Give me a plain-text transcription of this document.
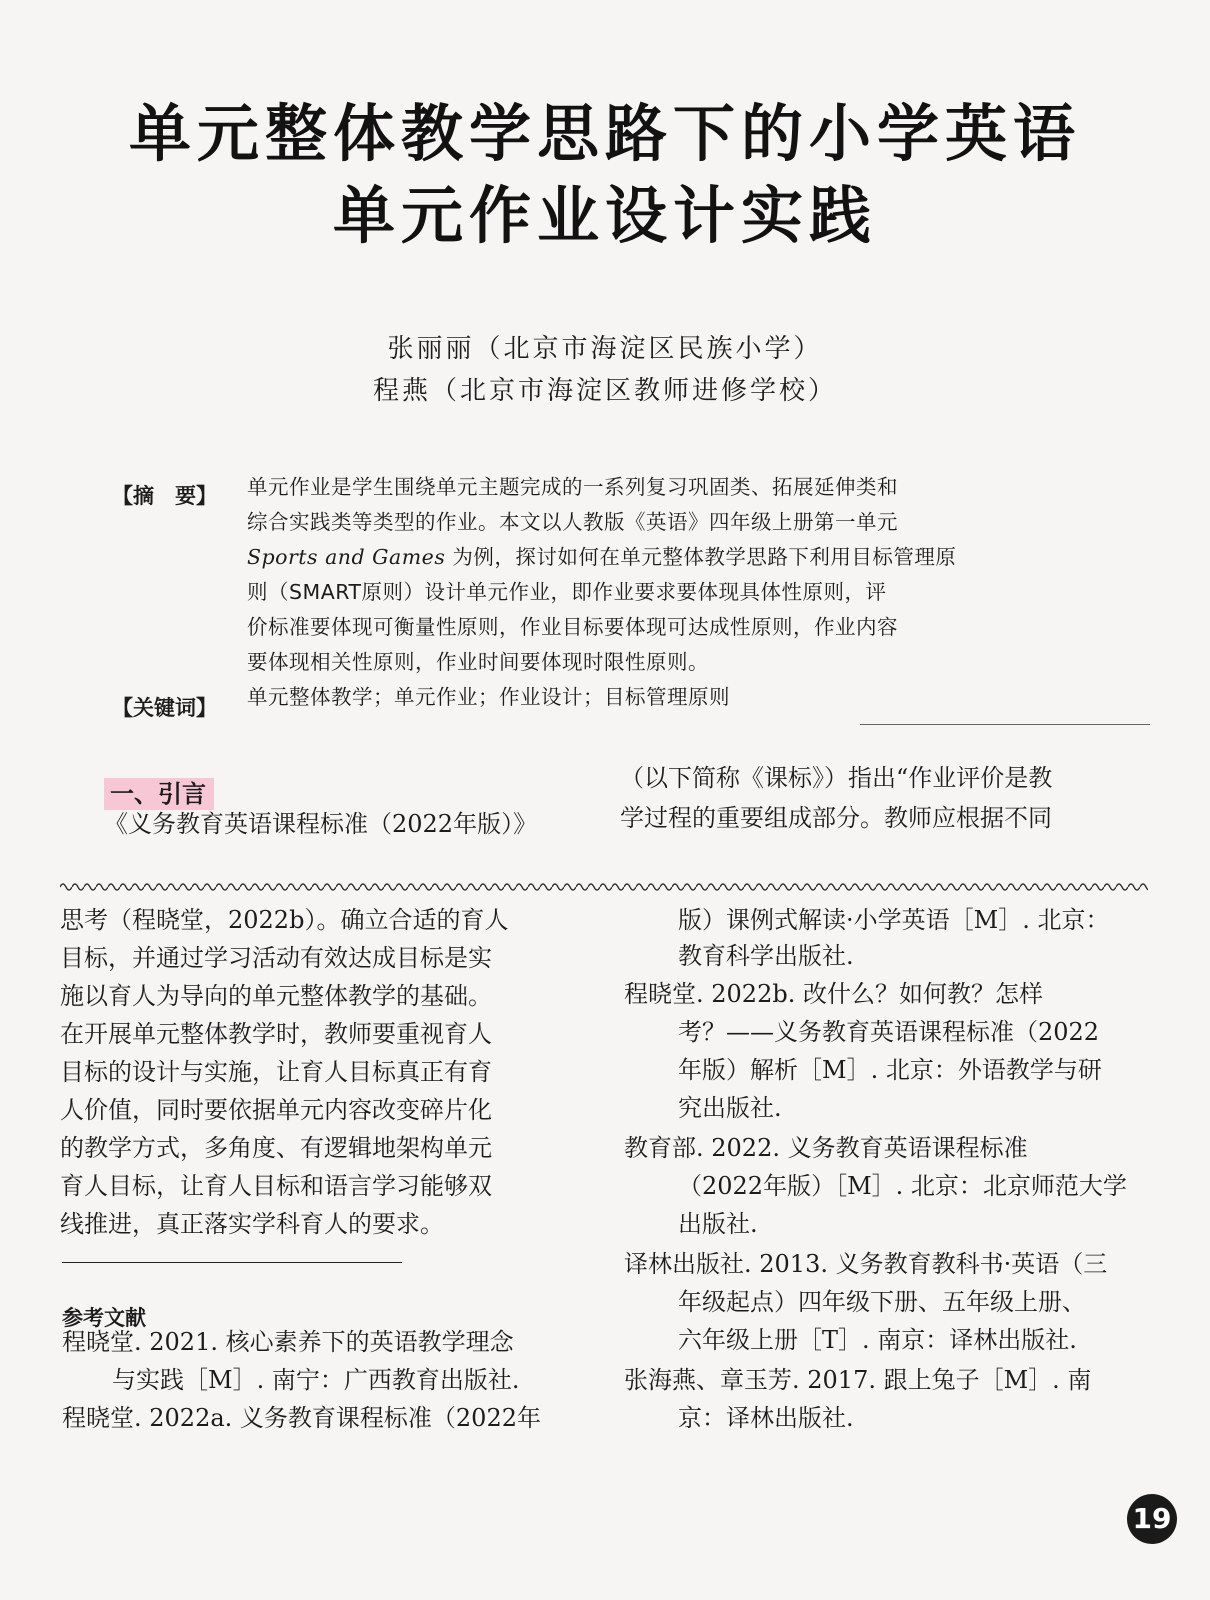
单元整体教学思路下的小学英语
单元作业设计实践
张丽丽（北京市海淀区民族小学）
程燕（北京市海淀区教师进修学校）
【摘　要】 单元作业是学生围绕单元主题完成的一系列复习巩固类、拓展延伸类和
综合实践类等类型的作业。本文以人教版《英语》四年级上册第一单元
Sports and Games 为例，探讨如何在单元整体教学思路下利用目标管理原
则（SMART原则）设计单元作业，即作业要求要体现具体性原则，评
价标准要体现可衡量性原则，作业目标要体现可达成性原则，作业内容
要体现相关性原则，作业时间要体现时限性原则。
【关键词】 单元整体教学；单元作业；作业设计；目标管理原则
一、引言
《义务教育英语课程标准（2022年版）》
（以下简称《课标》）指出“作业评价是教
学过程的重要组成部分。教师应根据不同
思考（程晓堂，2022b）。确立合适的育人
目标，并通过学习活动有效达成目标是实
施以育人为导向的单元整体教学的基础。
在开展单元整体教学时，教师要重视育人
目标的设计与实施，让育人目标真正有育
人价值，同时要依据单元内容改变碎片化
的教学方式，多角度、有逻辑地架构单元
育人目标，让育人目标和语言学习能够双
线推进，真正落实学科育人的要求。
参考文献
程晓堂. 2021. 核心素养下的英语教学理念
与实践［M］. 南宁：广西教育出版社.
程晓堂. 2022a. 义务教育课程标准（2022年
版）课例式解读·小学英语［M］. 北京：
教育科学出版社.
程晓堂. 2022b. 改什么？如何教？怎样
考？——义务教育英语课程标准（2022
年版）解析［M］. 北京：外语教学与研
究出版社.
教育部. 2022. 义务教育英语课程标准
（2022年版）［M］. 北京：北京师范大学
出版社.
译林出版社. 2013. 义务教育教科书·英语（三
年级起点）四年级下册、五年级上册、
六年级上册［T］. 南京：译林出版社.
张海燕、章玉芳. 2017. 跟上兔子［M］. 南
京：译林出版社.
19
